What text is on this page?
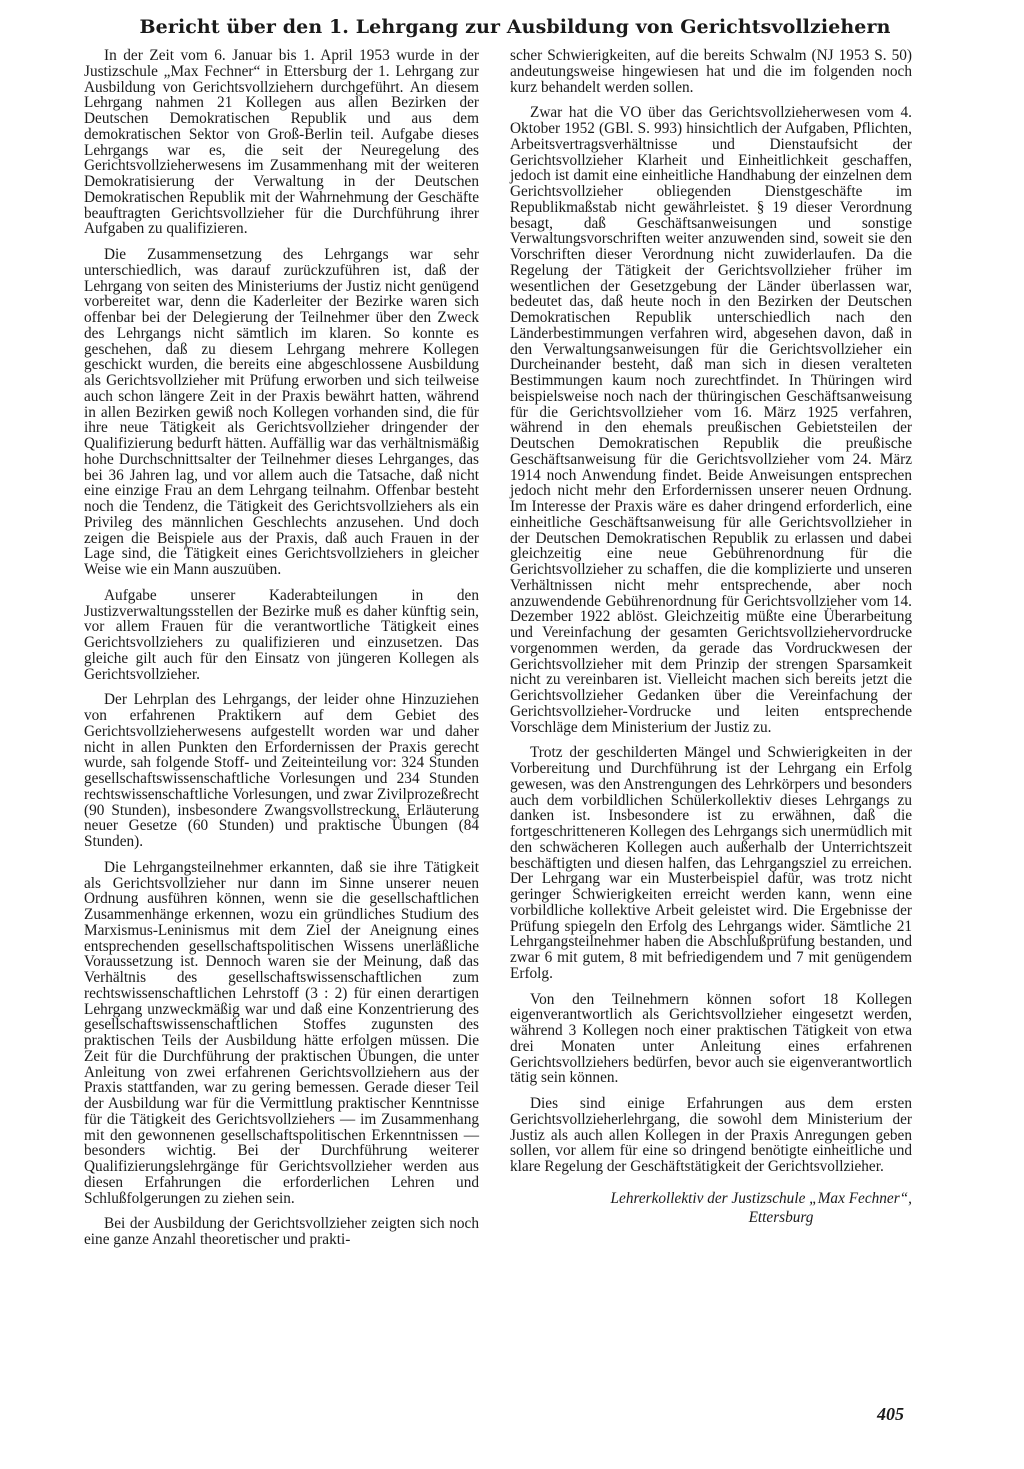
Bericht über den 1. Lehrgang zur Ausbildung von Gerichtsvollziehern

In der Zeit vom 6. Januar bis 1. April 1953 wurde in der Justizschule „Max Fechner“ in Ettersburg der 1. Lehrgang zur Ausbildung von Gerichtsvollziehern durchgeführt. An diesem Lehrgang nahmen 21 Kollegen aus allen Bezirken der Deutschen Demokratischen Republik und aus dem demokratischen Sektor von Groß-Berlin teil. Aufgabe dieses Lehrgangs war es, die seit der Neuregelung des Gerichtsvollzieherwesens im Zusammenhang mit der weiteren Demokratisierung der Verwaltung in der Deutschen Demokratischen Republik mit der Wahrnehmung der Geschäfte beauftragten Gerichtsvollzieher für die Durchführung ihrer Aufgaben zu qualifizieren.

Die Zusammensetzung des Lehrgangs war sehr unterschiedlich, was darauf zurückzuführen ist, daß der Lehrgang von seiten des Ministeriums der Justiz nicht genügend vorbereitet war, denn die Kaderleiter der Bezirke waren sich offenbar bei der Delegierung der Teilnehmer über den Zweck des Lehrgangs nicht sämtlich im klaren. So konnte es geschehen, daß zu diesem Lehrgang mehrere Kollegen geschickt wurden, die bereits eine abgeschlossene Ausbildung als Gerichtsvollzieher mit Prüfung erworben und sich teilweise auch schon längere Zeit in der Praxis bewährt hatten, während in allen Bezirken gewiß noch Kollegen vorhanden sind, die für ihre neue Tätigkeit als Gerichtsvollzieher dringender der Qualifizierung bedurft hätten. Auffällig war das verhältnismäßig hohe Durchschnittsalter der Teilnehmer dieses Lehrganges, das bei 36 Jahren lag, und vor allem auch die Tatsache, daß nicht eine einzige Frau an dem Lehrgang teilnahm. Offenbar besteht noch die Tendenz, die Tätigkeit des Gerichtsvollziehers als ein Privileg des männlichen Geschlechts anzusehen. Und doch zeigen die Beispiele aus der Praxis, daß auch Frauen in der Lage sind, die Tätigkeit eines Gerichtsvollziehers in gleicher Weise wie ein Mann auszuüben.

Aufgabe unserer Kaderabteilungen in den Justizverwaltungsstellen der Bezirke muß es daher künftig sein, vor allem Frauen für die verantwortliche Tätigkeit eines Gerichtsvollziehers zu qualifizieren und einzusetzen. Das gleiche gilt auch für den Einsatz von jüngeren Kollegen als Gerichtsvollzieher.

Der Lehrplan des Lehrgangs, der leider ohne Hinzuziehen von erfahrenen Praktikern auf dem Gebiet des Gerichtsvollzieherwesens aufgestellt worden war und daher nicht in allen Punkten den Erfordernissen der Praxis gerecht wurde, sah folgende Stoff- und Zeiteinteilung vor: 324 Stunden gesellschaftswissenschaftliche Vorlesungen und 234 Stunden rechtswissenschaftliche Vorlesungen, und zwar Zivilprozeßrecht (90 Stunden), insbesondere Zwangsvollstreckung, Erläuterung neuer Gesetze (60 Stunden) und praktische Übungen (84 Stunden).

Die Lehrgangsteilnehmer erkannten, daß sie ihre Tätigkeit als Gerichtsvollzieher nur dann im Sinne unserer neuen Ordnung ausführen können, wenn sie die gesellschaftlichen Zusammenhänge erkennen, wozu ein gründliches Studium des Marxismus-Leninismus mit dem Ziel der Aneignung eines entsprechenden gesellschaftspolitischen Wissens unerläßliche Voraussetzung ist. Dennoch waren sie der Meinung, daß das Verhältnis des gesellschaftswissenschaftlichen zum rechtswissenschaftlichen Lehrstoff (3 : 2) für einen derartigen Lehrgang unzweckmäßig war und daß eine Konzentrierung des gesellschaftswissenschaftlichen Stoffes zugunsten des praktischen Teils der Ausbildung hätte erfolgen müssen. Die Zeit für die Durchführung der praktischen Übungen, die unter Anleitung von zwei erfahrenen Gerichtsvollziehern aus der Praxis stattfanden, war zu gering bemessen. Gerade dieser Teil der Ausbildung war für die Vermittlung praktischer Kenntnisse für die Tätigkeit des Gerichtsvollziehers — im Zusammenhang mit den gewonnenen gesellschaftspolitischen Erkenntnissen — besonders wichtig. Bei der Durchführung weiterer Qualifizierungslehrgänge für Gerichtsvollzieher werden aus diesen Erfahrungen die erforderlichen Lehren und Schlußfolgerungen zu ziehen sein.

Bei der Ausbildung der Gerichtsvollzieher zeigten sich noch eine ganze Anzahl theoretischer und prakti-

scher Schwierigkeiten, auf die bereits Schwalm (NJ 1953 S. 50) andeutungsweise hingewiesen hat und die im folgenden noch kurz behandelt werden sollen.

Zwar hat die VO über das Gerichtsvollzieherwesen vom 4. Oktober 1952 (GBl. S. 993) hinsichtlich der Aufgaben, Pflichten, Arbeitsvertragsverhältnisse und Dienstaufsicht der Gerichtsvollzieher Klarheit und Einheitlichkeit geschaffen, jedoch ist damit eine einheitliche Handhabung der einzelnen dem Gerichtsvollzieher obliegenden Dienstgeschäfte im Republikmaßstab nicht gewährleistet. § 19 dieser Verordnung besagt, daß Geschäftsanweisungen und sonstige Verwaltungsvorschriften weiter anzuwenden sind, soweit sie den Vorschriften dieser Verordnung nicht zuwiderlaufen. Da die Regelung der Tätigkeit der Gerichtsvollzieher früher im wesentlichen der Gesetzgebung der Länder überlassen war, bedeutet das, daß heute noch in den Bezirken der Deutschen Demokratischen Republik unterschiedlich nach den Länderbestimmungen verfahren wird, abgesehen davon, daß in den Verwaltungsanweisungen für die Gerichtsvollzieher ein Durcheinander besteht, daß man sich in diesen veralteten Bestimmungen kaum noch zurechtfindet. In Thüringen wird beispielsweise noch nach der thüringischen Geschäftsanweisung für die Gerichtsvollzieher vom 16. März 1925 verfahren, während in den ehemals preußischen Gebietsteilen der Deutschen Demokratischen Republik die preußische Geschäftsanweisung für die Gerichtsvollzieher vom 24. März 1914 noch Anwendung findet. Beide Anweisungen entsprechen jedoch nicht mehr den Erfordernissen unserer neuen Ordnung. Im Interesse der Praxis wäre es daher dringend erforderlich, eine einheitliche Geschäftsanweisung für alle Gerichtsvollzieher in der Deutschen Demokratischen Republik zu erlassen und dabei gleichzeitig eine neue Gebührenordnung für die Gerichtsvollzieher zu schaffen, die die komplizierte und unseren Verhältnissen nicht mehr entsprechende, aber noch anzuwendende Gebührenordnung für Gerichtsvollzieher vom 14. Dezember 1922 ablöst. Gleichzeitig müßte eine Überarbeitung und Vereinfachung der gesamten Gerichtsvollziehervordrucke vorgenommen werden, da gerade das Vordruckwesen der Gerichtsvollzieher mit dem Prinzip der strengen Sparsamkeit nicht zu vereinbaren ist. Vielleicht machen sich bereits jetzt die Gerichtsvollzieher Gedanken über die Vereinfachung der Gerichtsvollzieher-Vordrucke und leiten entsprechende Vorschläge dem Ministerium der Justiz zu.

Trotz der geschilderten Mängel und Schwierigkeiten in der Vorbereitung und Durchführung ist der Lehrgang ein Erfolg gewesen, was den Anstrengungen des Lehrkörpers und besonders auch dem vorbildlichen Schülerkollektiv dieses Lehrgangs zu danken ist. Insbesondere ist zu erwähnen, daß die fortgeschritteneren Kollegen des Lehrgangs sich unermüdlich mit den schwächeren Kollegen auch außerhalb der Unterrichtszeit beschäftigten und diesen halfen, das Lehrgangsziel zu erreichen. Der Lehrgang war ein Musterbeispiel dafür, was trotz nicht geringer Schwierigkeiten erreicht werden kann, wenn eine vorbildliche kollektive Arbeit geleistet wird. Die Ergebnisse der Prüfung spiegeln den Erfolg des Lehrgangs wider. Sämtliche 21 Lehrgangsteilnehmer haben die Abschlußprüfung bestanden, und zwar 6 mit gutem, 8 mit befriedigendem und 7 mit genügendem Erfolg.

Von den Teilnehmern können sofort 18 Kollegen eigenverantwortlich als Gerichtsvollzieher eingesetzt werden, während 3 Kollegen noch einer praktischen Tätigkeit von etwa drei Monaten unter Anleitung eines erfahrenen Gerichtsvollziehers bedürfen, bevor auch sie eigenverantwortlich tätig sein können.

Dies sind einige Erfahrungen aus dem ersten Gerichtsvollzieherlehrgang, die sowohl dem Ministerium der Justiz als auch allen Kollegen in der Praxis Anregungen geben sollen, vor allem für eine so dringend benötigte einheitliche und klare Regelung der Geschäftstätigkeit der Gerichtsvollzieher.

Lehrerkollektiv der Justizschule „Max Fechner“,
Ettersburg

405
